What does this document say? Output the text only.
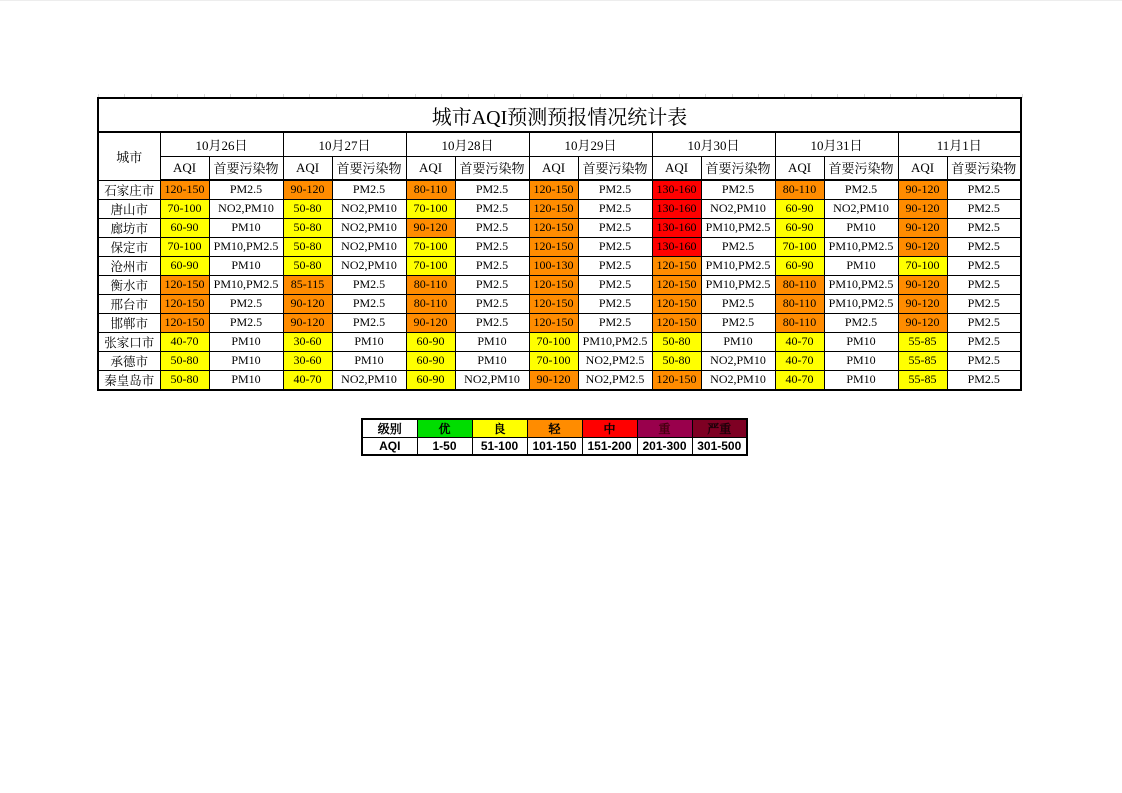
城市AQI预测预报情况统计表														
城市	10月26日		10月27日		10月28日		10月29日		10月30日		10月31日		11月1日	
	AQI	首要污染物	AQI	首要污染物	AQI	首要污染物	AQI	首要污染物	AQI	首要污染物	AQI	首要污染物	AQI	首要污染物
石家庄市	120-150	PM2.5	90-120	PM2.5	80-110	PM2.5	120-150	PM2.5	130-160	PM2.5	80-110	PM2.5	90-120	PM2.5
唐山市	70-100	NO2,PM10	50-80	NO2,PM10	70-100	PM2.5	120-150	PM2.5	130-160	NO2,PM10	60-90	NO2,PM10	90-120	PM2.5
廊坊市	60-90	PM10	50-80	NO2,PM10	90-120	PM2.5	120-150	PM2.5	130-160	PM10,PM2.5	60-90	PM10	90-120	PM2.5
保定市	70-100	PM10,PM2.5	50-80	NO2,PM10	70-100	PM2.5	120-150	PM2.5	130-160	PM2.5	70-100	PM10,PM2.5	90-120	PM2.5
沧州市	60-90	PM10	50-80	NO2,PM10	70-100	PM2.5	100-130	PM2.5	120-150	PM10,PM2.5	60-90	PM10	70-100	PM2.5
衡水市	120-150	PM10,PM2.5	85-115	PM2.5	80-110	PM2.5	120-150	PM2.5	120-150	PM10,PM2.5	80-110	PM10,PM2.5	90-120	PM2.5
邢台市	120-150	PM2.5	90-120	PM2.5	80-110	PM2.5	120-150	PM2.5	120-150	PM2.5	80-110	PM10,PM2.5	90-120	PM2.5
邯郸市	120-150	PM2.5	90-120	PM2.5	90-120	PM2.5	120-150	PM2.5	120-150	PM2.5	80-110	PM2.5	90-120	PM2.5
张家口市	40-70	PM10	30-60	PM10	60-90	PM10	70-100	PM10,PM2.5	50-80	PM10	40-70	PM10	55-85	PM2.5
承德市	50-80	PM10	30-60	PM10	60-90	PM10	70-100	NO2,PM2.5	50-80	NO2,PM10	40-70	PM10	55-85	PM2.5
秦皇岛市	50-80	PM10	40-70	NO2,PM10	60-90	NO2,PM10	90-120	NO2,PM2.5	120-150	NO2,PM10	40-70	PM10	55-85	PM2.5
级别	优	良	轻	中	重	严重
AQI	1-50	51-100	101-150	151-200	201-300	301-500
